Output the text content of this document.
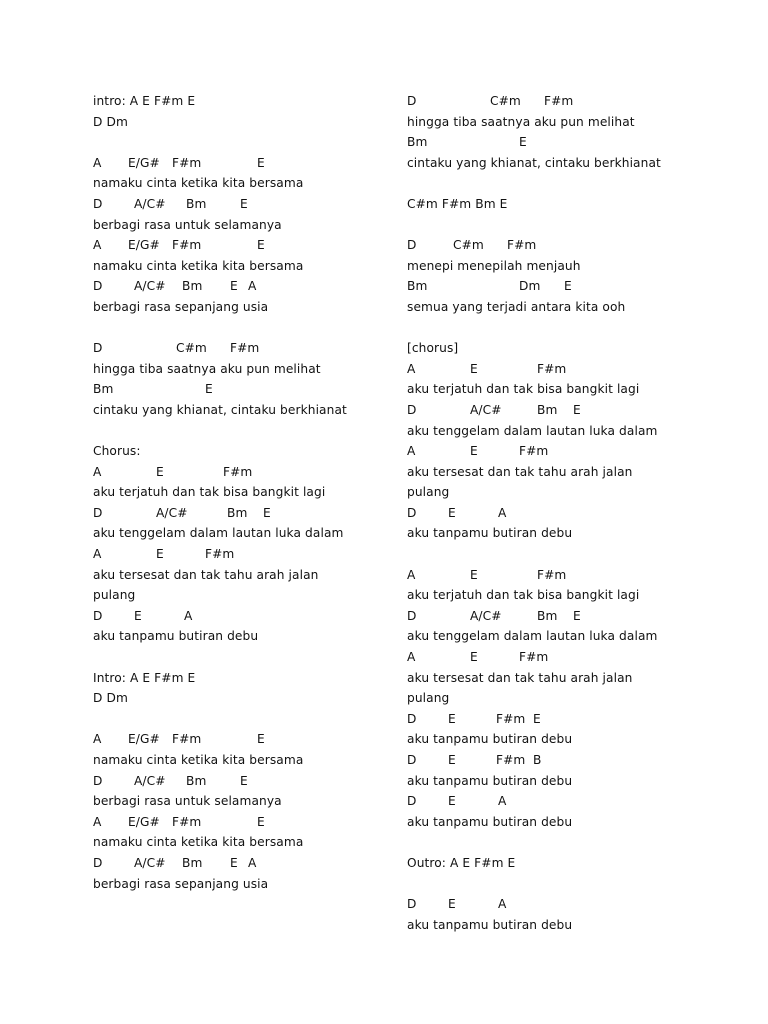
intro: A E F#m E
D Dm
A E/G# F#m	E
namaku cinta ketika kita bersama
D	A/C# Bm	E
berbagi rasa untuk selamanya
A E/G# F#m	E
namaku cinta ketika kita bersama
D	A/C# Bm E A
berbagi rasa sepanjang usia
D	C#m F#m
hingga tiba saatnya aku pun melihat
Bm	E
cintaku yang khianat, cintaku berkhianat
Chorus:
A	E	F#m
aku terjatuh dan tak bisa bangkit lagi
D	A/C#	Bm E
aku tenggelam dalam lautan luka dalam
A	E	F#m
aku tersesat dan tak tahu arah jalan
pulang
D	E	A
aku tanpamu butiran debu
Intro: A E F#m E
D Dm
A E/G# F#m	E
namaku cinta ketika kita bersama
D	A/C# Bm	E
berbagi rasa untuk selamanya
A E/G# F#m	E
namaku cinta ketika kita bersama
D	A/C# Bm E A
berbagi rasa sepanjang usia
D	C#m F#m
hingga tiba saatnya aku pun melihat
Bm	E
cintaku yang khianat, cintaku berkhianat
C#m F#m Bm E
D	C#m F#m
menepi menepilah menjauh
Bm	Dm E
semua yang terjadi antara kita ooh
[chorus]
A	E	F#m
aku terjatuh dan tak bisa bangkit lagi
D	A/C#	Bm E
aku tenggelam dalam lautan luka dalam
A	E	F#m
aku tersesat dan tak tahu arah jalan
pulang
D	E	A
aku tanpamu butiran debu
A	E	F#m
aku terjatuh dan tak bisa bangkit lagi
D	A/C#	Bm E
aku tenggelam dalam lautan luka dalam
A	E	F#m
aku tersesat dan tak tahu arah jalan
pulang
D	E	F#m E
aku tanpamu butiran debu
D	E	F#m B
aku tanpamu butiran debu
D	E	A
aku tanpamu butiran debu
Outro: A E F#m E
D	E	A
aku tanpamu butiran debu
